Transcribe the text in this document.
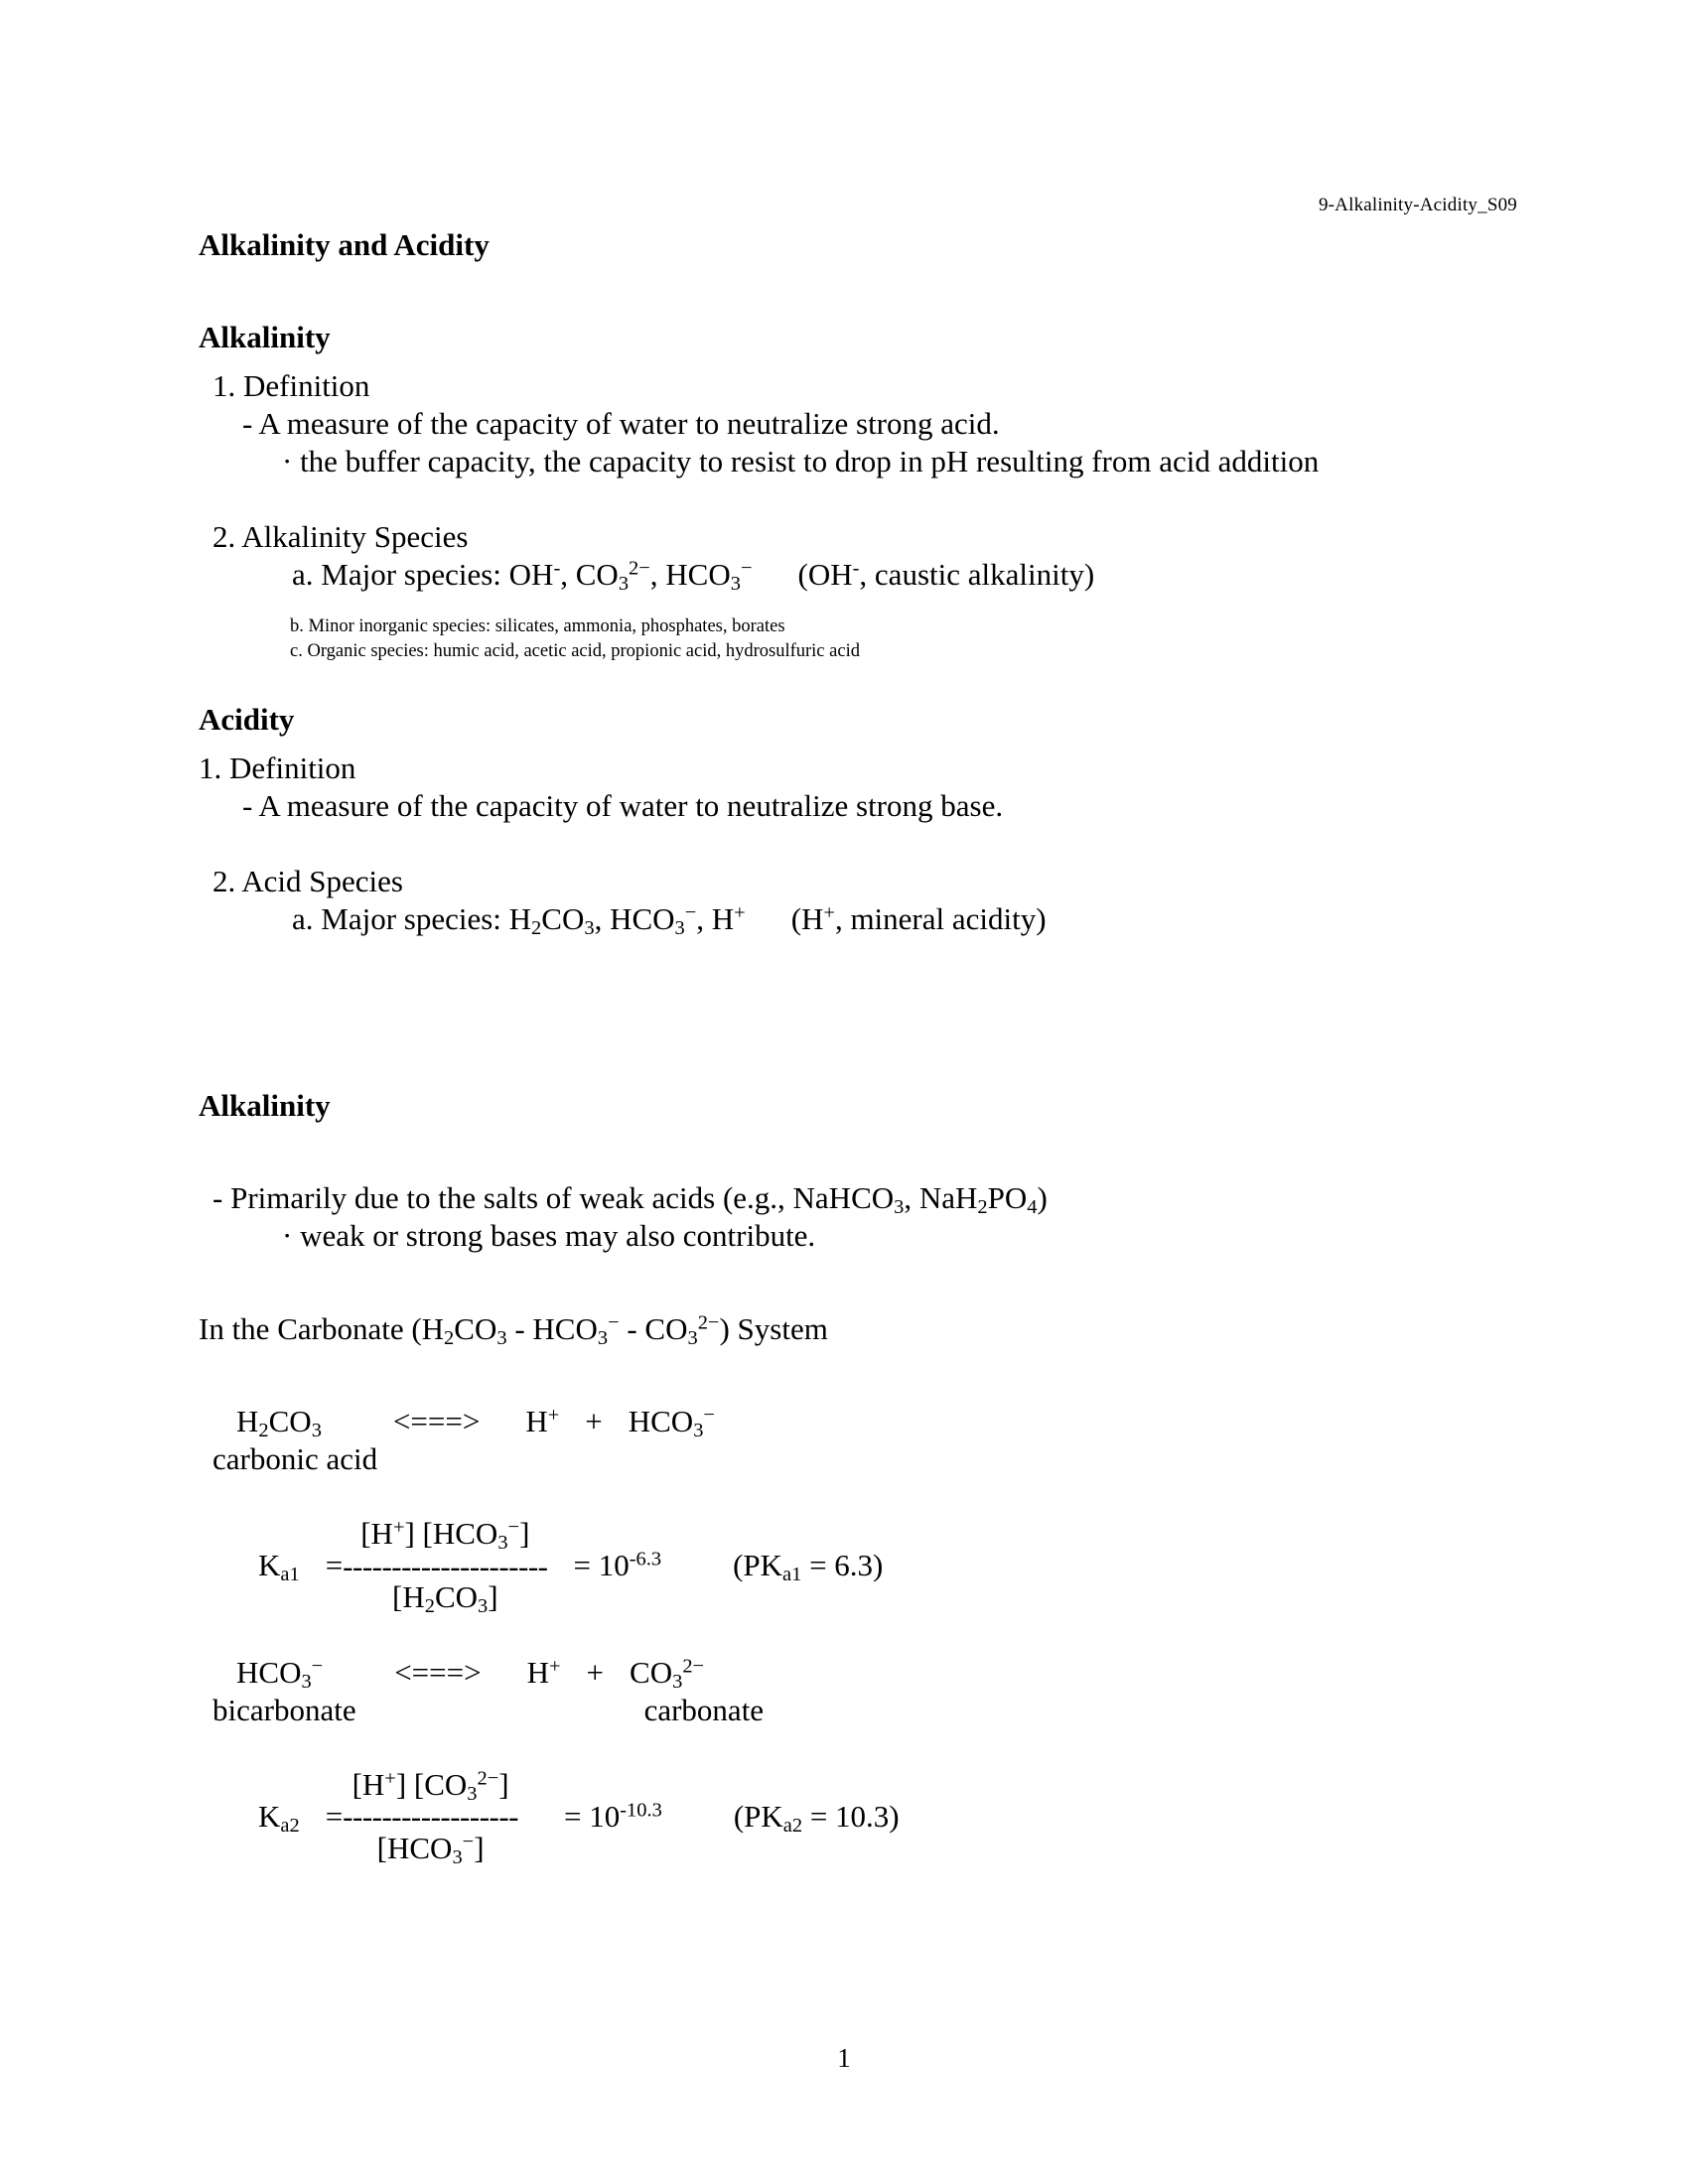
9-Alkalinity-Acidity_S09
Alkalinity and Acidity
Alkalinity
1. Definition
- A measure of the capacity of water to neutralize strong acid.
· the buffer capacity, the capacity to resist to drop in pH resulting from acid addition
2. Alkalinity Species
a. Major species: OH-, $CO_3^{2-}$, $HCO_3^-$ (OH-, caustic alkalinity)
b. Minor inorganic species: silicates, ammonia, phosphates, borates
c. Organic species: humic acid, acetic acid, propionic acid, hydrosulfuric acid
Acidity
1. Definition
- A measure of the capacity of water to neutralize strong base.
2. Acid Species
a. Major species: $H_2CO_3$, $HCO_3^-$, H+ (H+, mineral acidity)
Alkalinity
- Primarily due to the salts of weak acids (e.g., NaHCO$_3$, $NaH_2PO_4$)
· weak or strong bases may also contribute.
In the Carbonate $(H_2CO_3 - HCO_3^- - CO_3^{2-})$ System
$H_2CO_3$ <===> $H^+ + HCO_3^-$
carbonic acid
$K_{a1}$ =
[H+] $[HCO_3^-]$
---------------------
$[H_2CO_3]$
= $10^{-6.3}$ $(PK_{a1} = 6.3)$
$HCO_3^-$ <===> $H^+ + CO_3^{2-}$
bicarbonate	carbonate
$K_{a2}$ =
[H+] $[CO_3^{2-}]$
------------------
$[HCO_3^-]$
= $10^{-10.3}$ $(PK_{a2} = 10.3)$
1
